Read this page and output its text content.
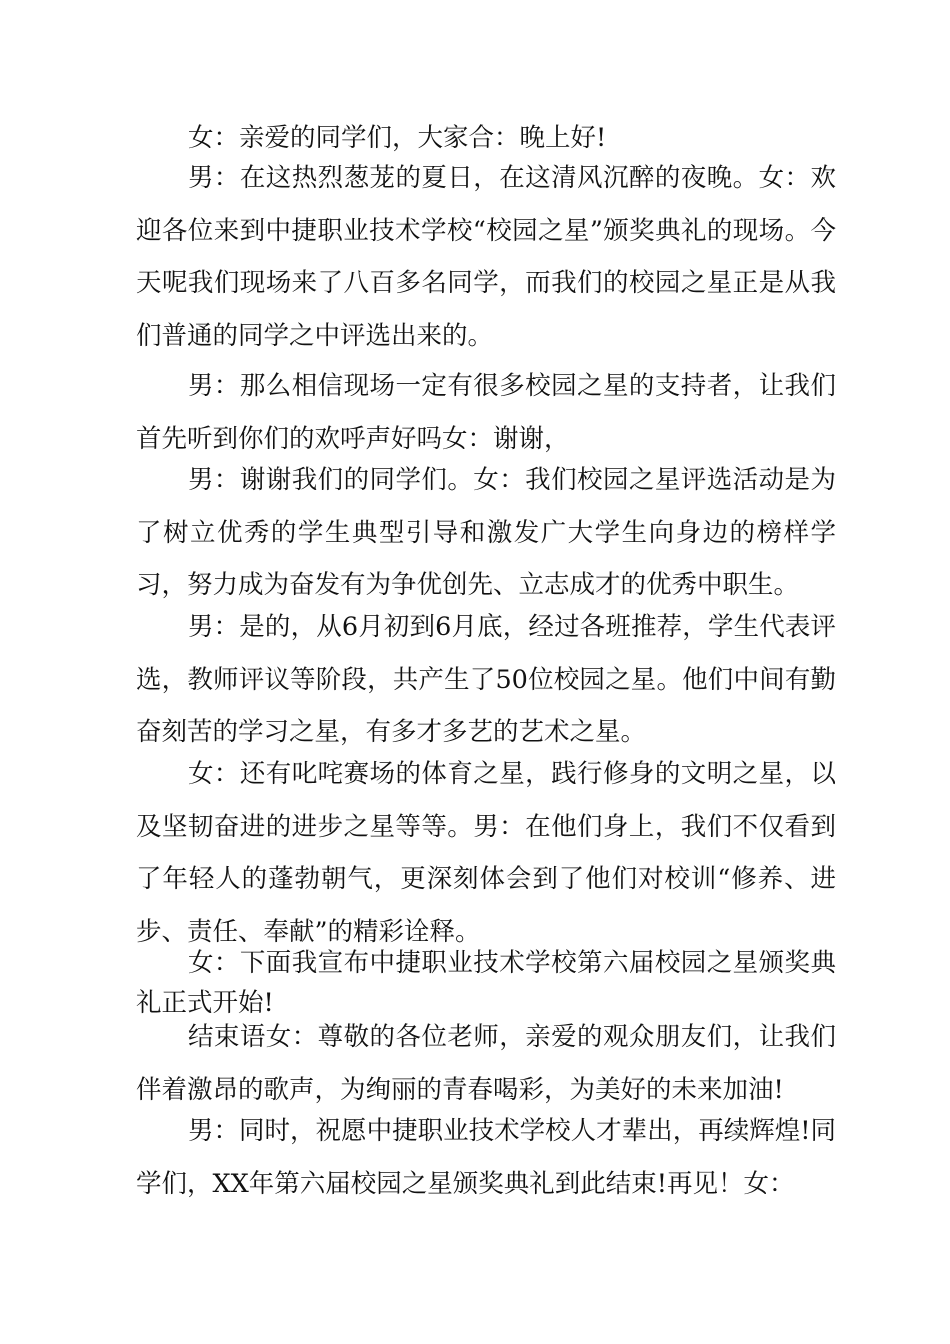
女：亲爱的同学们，大家合：晚上好!

男：在这热烈葱茏的夏日，在这清风沉醉的夜晚。女：欢迎各位来到中捷职业技术学校“校园之星”颁奖典礼的现场。今天呢我们现场来了八百多名同学，而我们的校园之星正是从我们普通的同学之中评选出来的。

男：那么相信现场一定有很多校园之星的支持者，让我们首先听到你们的欢呼声好吗女：谢谢，

男：谢谢我们的同学们。女：我们校园之星评选活动是为了树立优秀的学生典型引导和激发广大学生向身边的榜样学习，努力成为奋发有为争优创先、立志成才的优秀中职生。

男：是的，从6月初到6月底，经过各班推荐，学生代表评选，教师评议等阶段，共产生了50位校园之星。他们中间有勤奋刻苦的学习之星，有多才多艺的艺术之星。

女：还有叱咤赛场的体育之星，践行修身的文明之星，以及坚韧奋进的进步之星等等。男：在他们身上，我们不仅看到了年轻人的蓬勃朝气，更深刻体会到了他们对校训“修养、进步、责任、奉献”的精彩诠释。

女：下面我宣布中捷职业技术学校第六届校园之星颁奖典礼正式开始!

结束语女：尊敬的各位老师，亲爱的观众朋友们，让我们伴着激昂的歌声，为绚丽的青春喝彩，为美好的未来加油!

男：同时，祝愿中捷职业技术学校人才辈出，再续辉煌!同学们，XX年第六届校园之星颁奖典礼到此结束!再见！女：
